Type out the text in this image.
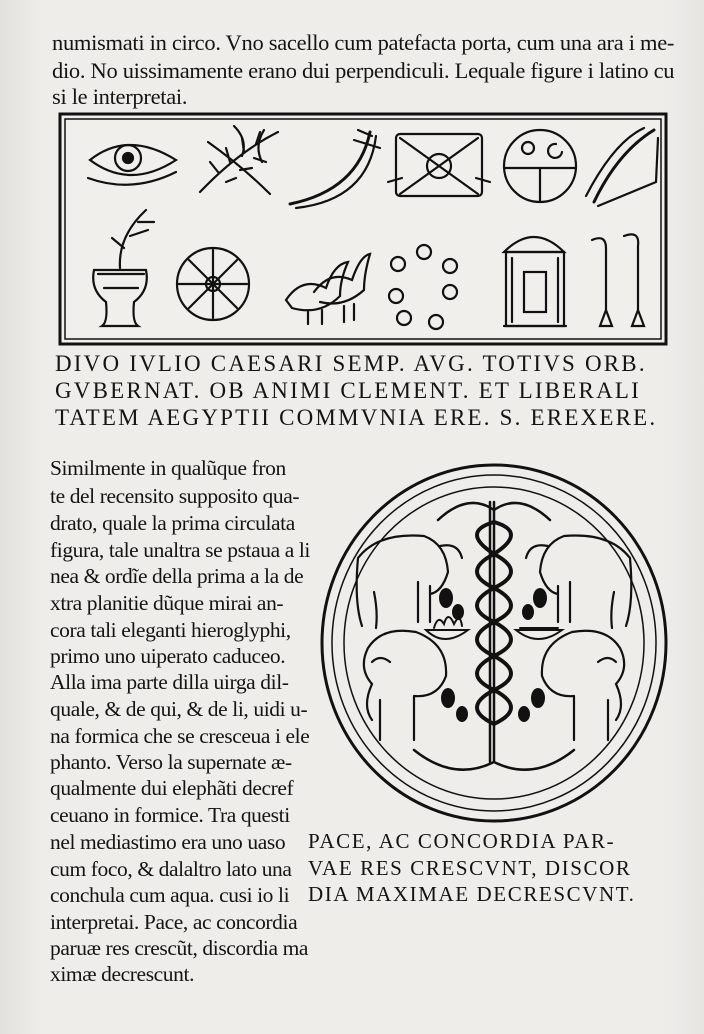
numismati in circo. Vno sacello cum patefacta porta, cum una ara i me-
dio. No uissimamente erano dui perpendiculi. Lequale figure i latino cu
si le interpretai.
DIVO IVLIO CAESARI SEMP. AVG. TOTIVS ORB.
GVBERNAT. OB ANIMI CLEMENT. ET LIBERALI
TATEM AEGYPTII COMMVNIA ERE. S. EREXERE.
Similmente in qualũque fron
te del recensito supposito qua-
drato, quale la prima circulata
figura, tale unaltra se pstaua a li
nea & ordĩe della prima a la de
xtra planitie dũque mirai an-
cora tali eleganti hieroglyphi,
primo uno uiperato caduceo.
Alla ima parte dilla uirga dil-
quale, & de qui, & de li, uidi u-
na formica che se cresceua i ele
phanto. Verso la supernate æ-
qualmente dui elephãti decref
ceuano in formice. Tra questi
nel mediastimo era uno uaso
cum foco, & dalaltro lato una
conchula cum aqua. cusi io li
interpretai. Pace, ac concordia
paruæ res crescũt, discordia ma
ximæ decrescunt.
PACE, AC CONCORDIA PAR-
VAE RES CRESCVNT, DISCOR
DIA MAXIMAE DECRESCVNT.
